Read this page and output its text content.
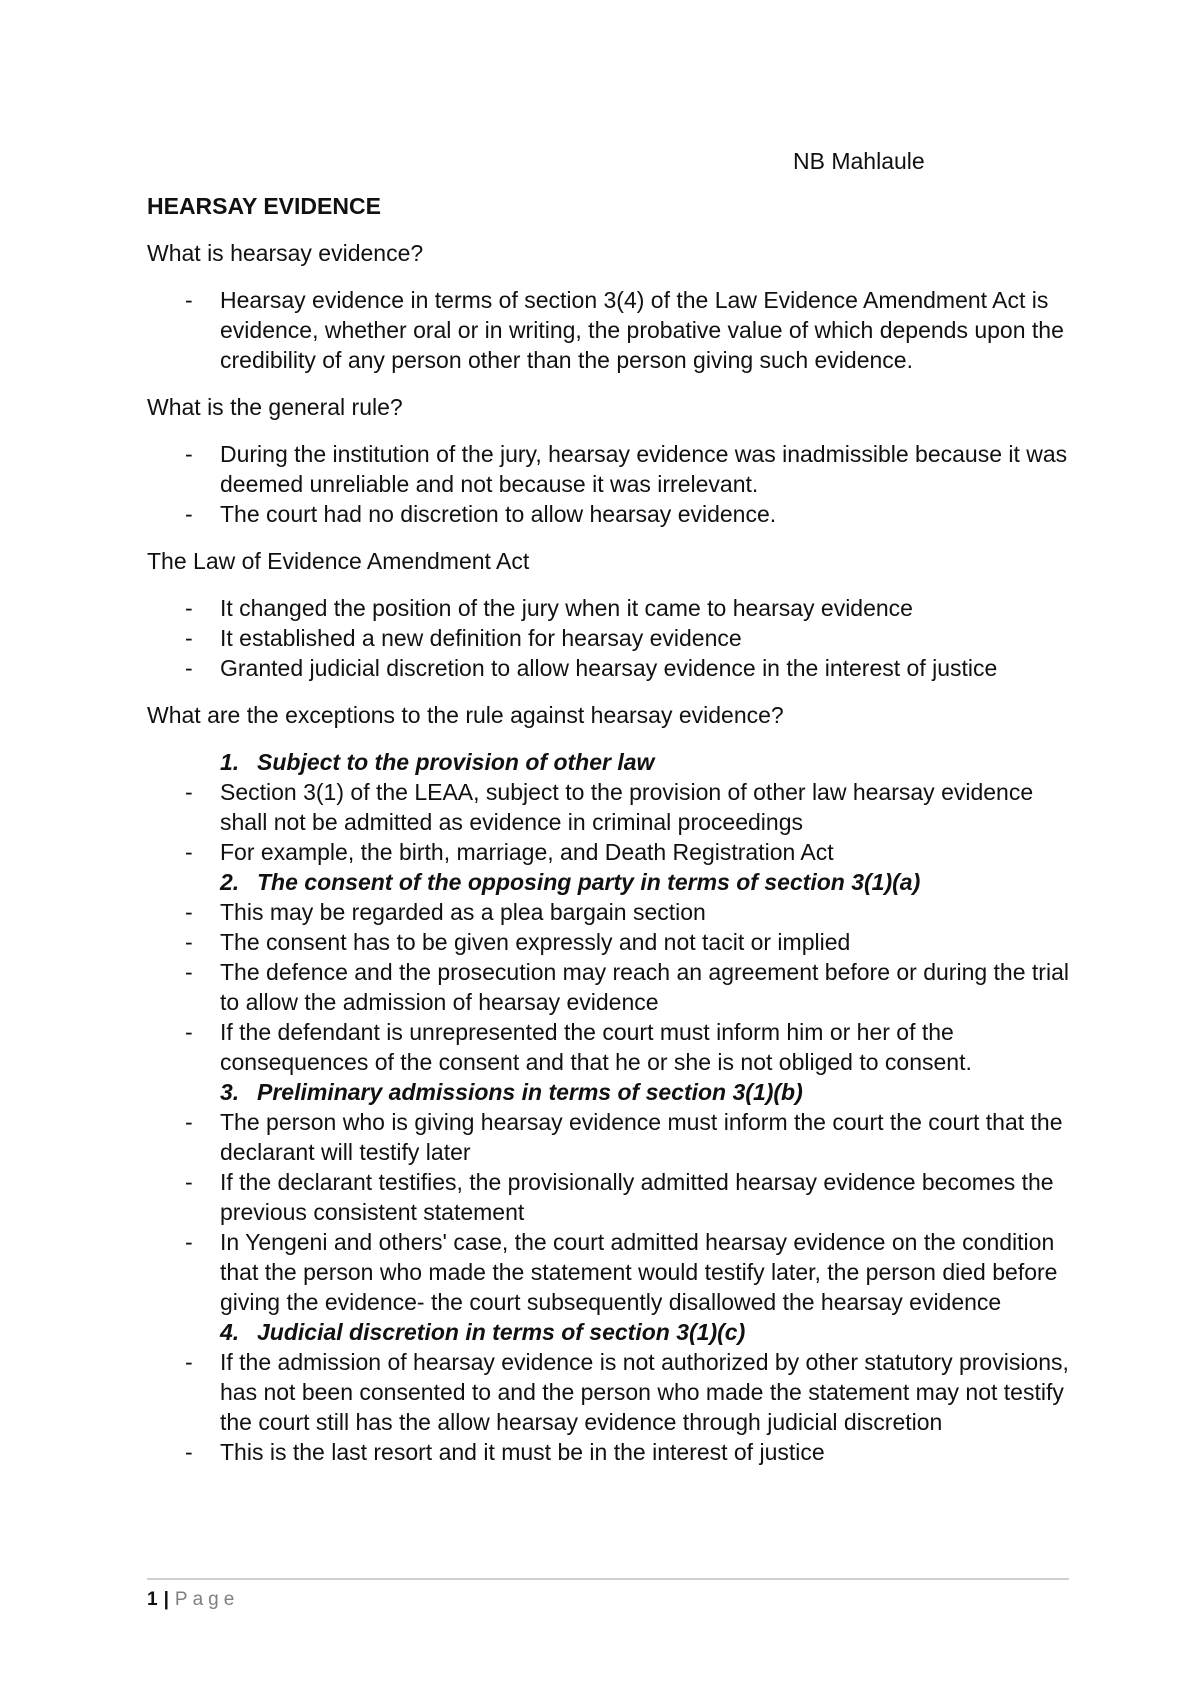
NB Mahlaule
HEARSAY EVIDENCE
What is hearsay evidence?
- Hearsay evidence in terms of section 3(4) of the Law Evidence Amendment Act is evidence, whether oral or in writing, the probative value of which depends upon the credibility of any person other than the person giving such evidence.
What is the general rule?
- During the institution of the jury, hearsay evidence was inadmissible because it was deemed unreliable and not because it was irrelevant.
- The court had no discretion to allow hearsay evidence.
The Law of Evidence Amendment Act
- It changed the position of the jury when it came to hearsay evidence
- It established a new definition for hearsay evidence
- Granted judicial discretion to allow hearsay evidence in the interest of justice
What are the exceptions to the rule against hearsay evidence?
1. Subject to the provision of other law
- Section 3(1) of the LEAA, subject to the provision of other law hearsay evidence shall not be admitted as evidence in criminal proceedings
- For example, the birth, marriage, and Death Registration Act
2. The consent of the opposing party in terms of section 3(1)(a)
- This may be regarded as a plea bargain section
- The consent has to be given expressly and not tacit or implied
- The defence and the prosecution may reach an agreement before or during the trial to allow the admission of hearsay evidence
- If the defendant is unrepresented the court must inform him or her of the consequences of the consent and that he or she is not obliged to consent.
3. Preliminary admissions in terms of section 3(1)(b)
- The person who is giving hearsay evidence must inform the court the court that the declarant will testify later
- If the declarant testifies, the provisionally admitted hearsay evidence becomes the previous consistent statement
- In Yengeni and others' case, the court admitted hearsay evidence on the condition that the person who made the statement would testify later, the person died before giving the evidence- the court subsequently disallowed the hearsay evidence
4. Judicial discretion in terms of section 3(1)(c)
- If the admission of hearsay evidence is not authorized by other statutory provisions, has not been consented to and the person who made the statement may not testify the court still has the allow hearsay evidence through judicial discretion
- This is the last resort and it must be in the interest of justice
1 | Page
